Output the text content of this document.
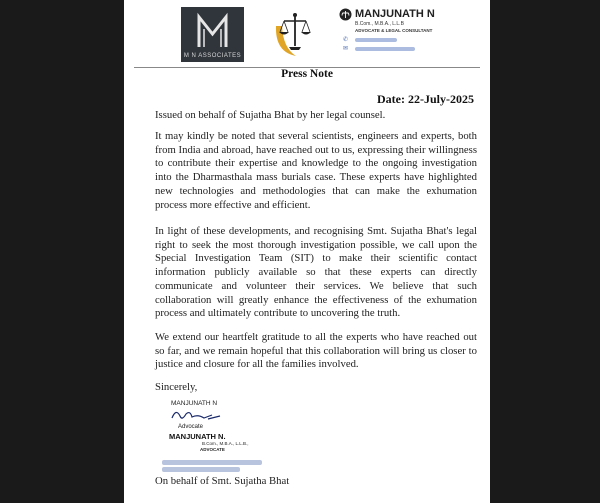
M N ASSOCIATES
MANJUNATH N
B.Com., M.B.A., L.L.B
ADVOCATE & LEGAL CONSULTANT
✆
✉
Press Note
Date: 22-July-2025
Issued on behalf of Sujatha Bhat by her legal counsel.
It may kindly be noted that several scientists, engineers and experts, both from India and abroad, have reached out to us, expressing their willingness to contribute their expertise and knowledge to the ongoing investigation into the Dharmasthala mass burials case. These experts have highlighted new technologies and methodologies that can make the exhumation process more effective and efficient.
In light of these developments, and recognising Smt. Sujatha Bhat's legal right to seek the most thorough investigation possible, we call upon the Special Investigation Team (SIT) to make their scientific contact information publicly available so that these experts can directly communicate and volunteer their services. We believe that such collaboration will greatly enhance the effectiveness of the exhumation process and ultimately contribute to uncovering the truth.
We extend our heartfelt gratitude to all the experts who have reached out so far, and we remain hopeful that this collaboration will bring us closer to justice and closure for all the families involved.
Sincerely,
MANJUNATH N
Advocate
MANJUNATH N.
B.Com., M.B.A., L.L.B.,
ADVOCATE
On behalf of Smt. Sujatha Bhat
